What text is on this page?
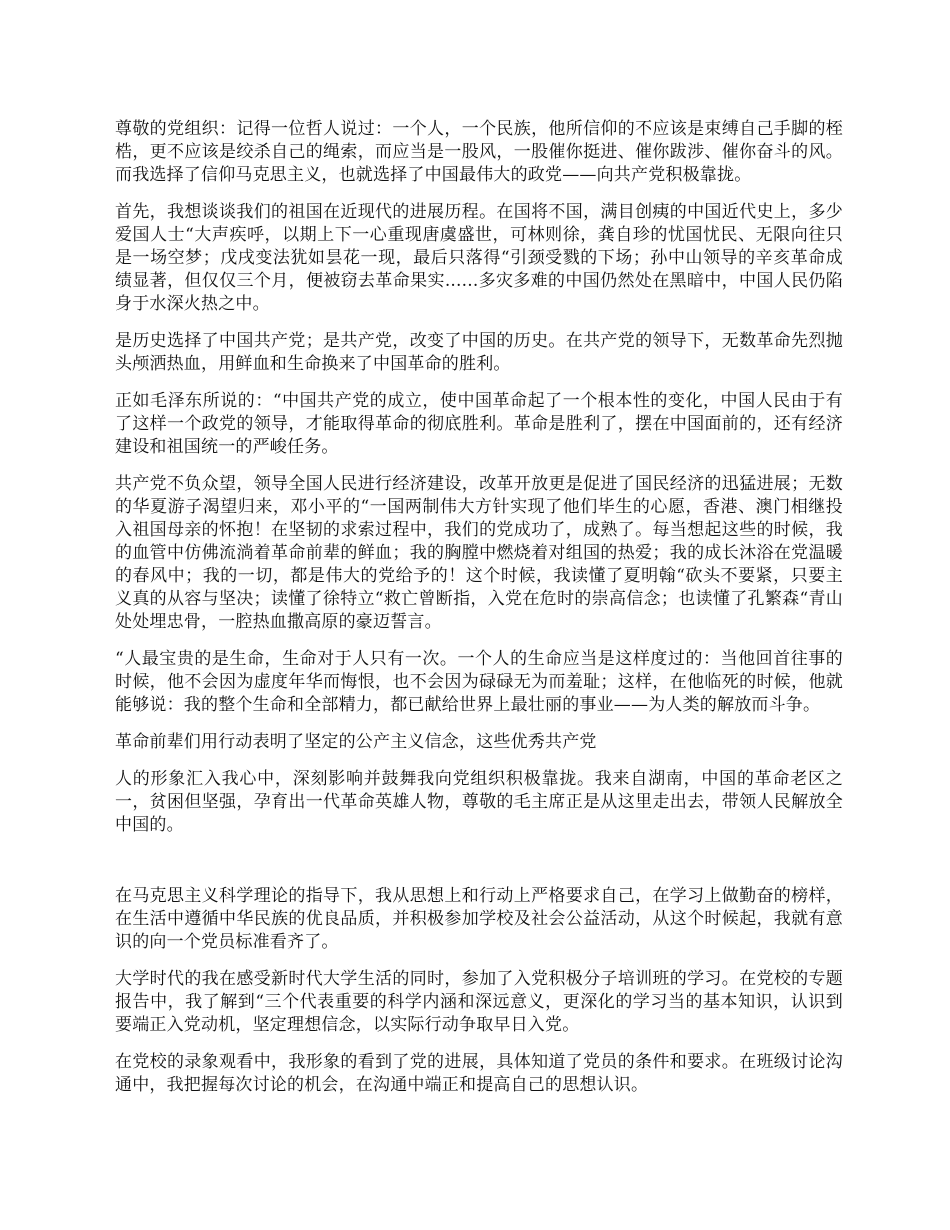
尊敬的党组织：记得一位哲人说过：一个人，一个民族，他所信仰的不应该是束缚自己手脚的桎梏，更不应该是绞杀自己的绳索，而应当是一股风，一股催你挺进、催你跋涉、催你奋斗的风。而我选择了信仰马克思主义，也就选择了中国最伟大的政党——向共产党积极靠拢。

首先，我想谈谈我们的祖国在近现代的进展历程。在国将不国，满目创痍的中国近代史上，多少爱国人士“大声疾呼，以期上下一心重现唐虞盛世，可林则徐，龚自珍的忧国忧民、无限向往只是一场空梦；戊戌变法犹如昙花一现，最后只落得“引颈受戮的下场；孙中山领导的辛亥革命成绩显著，但仅仅三个月，便被窃去革命果实......多灾多难的中国仍然处在黑暗中，中国人民仍陷身于水深火热之中。

是历史选择了中国共产党；是共产党，改变了中国的历史。在共产党的领导下，无数革命先烈抛头颅洒热血，用鲜血和生命换来了中国革命的胜利。

正如毛泽东所说的：“中国共产党的成立，使中国革命起了一个根本性的变化，中国人民由于有了这样一个政党的领导，才能取得革命的彻底胜利。革命是胜利了，摆在中国面前的，还有经济建设和祖国统一的严峻任务。

共产党不负众望，领导全国人民进行经济建设，改革开放更是促进了国民经济的迅猛进展；无数的华夏游子渴望归来，邓小平的“一国两制伟大方针实现了他们毕生的心愿，香港、澳门相继投入祖国母亲的怀抱！在坚韧的求索过程中，我们的党成功了，成熟了。每当想起这些的时候，我的血管中仿佛流淌着革命前辈的鲜血；我的胸膛中燃烧着对组国的热爱；我的成长沐浴在党温暖的春风中；我的一切，都是伟大的党给予的！这个时候，我读懂了夏明翰“砍头不要紧，只要主义真的从容与坚决；读懂了徐特立“救亡曾断指，入党在危时的崇高信念；也读懂了孔繁森“青山处处埋忠骨，一腔热血撒高原的豪迈誓言。

“人最宝贵的是生命，生命对于人只有一次。一个人的生命应当是这样度过的：当他回首往事的时候，他不会因为虚度年华而悔恨，也不会因为碌碌无为而羞耻；这样，在他临死的时候，他就能够说：我的整个生命和全部精力，都已献给世界上最壮丽的事业——为人类的解放而斗争。

革命前辈们用行动表明了坚定的公产主义信念，这些优秀共产党

人的形象汇入我心中，深刻影响并鼓舞我向党组织积极靠拢。我来自湖南，中国的革命老区之一，贫困但坚强，孕育出一代革命英雄人物，尊敬的毛主席正是从这里走出去，带领人民解放全中国的。

在马克思主义科学理论的指导下，我从思想上和行动上严格要求自己，在学习上做勤奋的榜样，在生活中遵循中华民族的优良品质，并积极参加学校及社会公益活动，从这个时候起，我就有意识的向一个党员标准看齐了。

大学时代的我在感受新时代大学生活的同时，参加了入党积极分子培训班的学习。在党校的专题报告中，我了解到“三个代表重要的科学内涵和深远意义，更深化的学习当的基本知识，认识到要端正入党动机，坚定理想信念，以实际行动争取早日入党。

在党校的录象观看中，我形象的看到了党的进展，具体知道了党员的条件和要求。在班级讨论沟通中，我把握每次讨论的机会，在沟通中端正和提高自己的思想认识。
